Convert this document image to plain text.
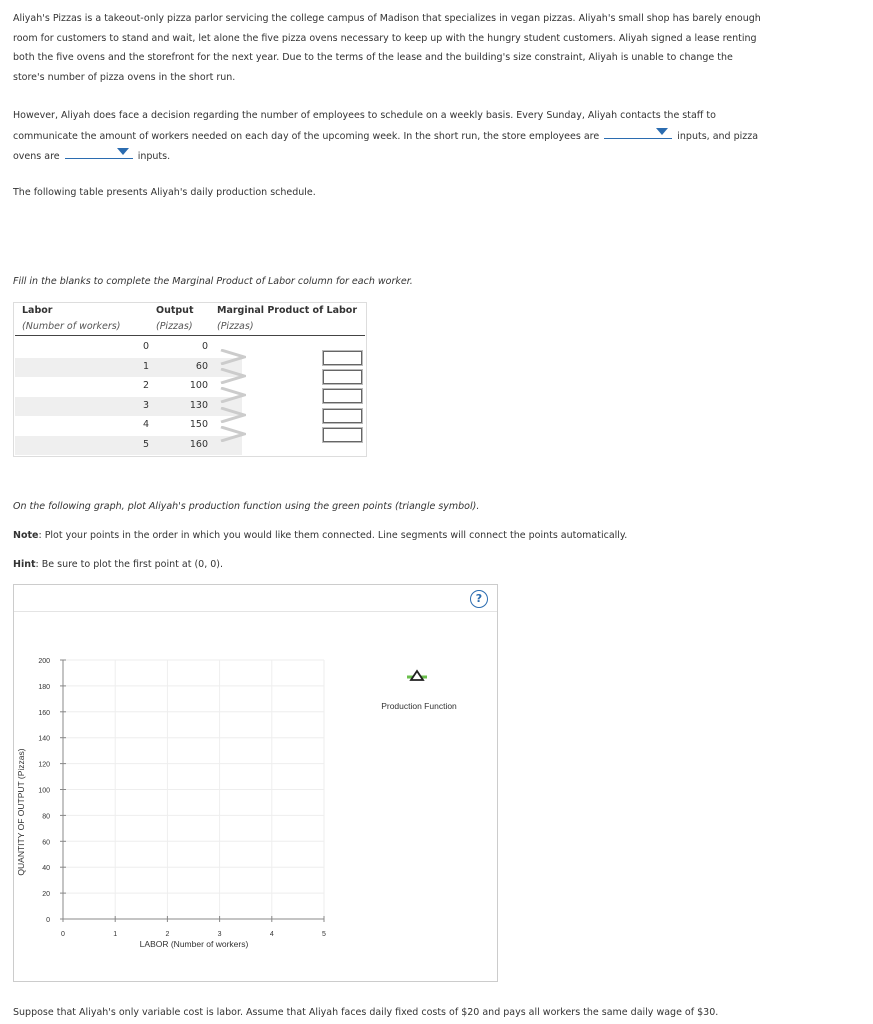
Aliyah's Pizzas is a takeout-only pizza parlor servicing the college campus of Madison that specializes in vegan pizzas. Aliyah's small shop has barely enough room for customers to stand and wait, let alone the five pizza ovens necessary to keep up with the hungry student customers. Aliyah signed a lease renting both the five ovens and the storefront for the next year. Due to the terms of the lease and the building's size constraint, Aliyah is unable to change the store's number of pizza ovens in the short run.

However, Aliyah does face a decision regarding the number of employees to schedule on a weekly basis. Every Sunday, Aliyah contacts the staff to communicate the amount of workers needed on each day of the upcoming week. In the short run, the store employees are	inputs, and pizza ovens are	inputs.

The following table presents Aliyah's daily production schedule.

Fill in the blanks to complete the Marginal Product of Labor column for each worker.

Labor
(Number of workers)
Output
(Pizzas)
Marginal Product of Labor
(Pizzas)
0	0
1	60
2	100
3	130
4	150
5	160

On the following graph, plot Aliyah's production function using the green points (triangle symbol).

Note: Plot your points in the order in which you would like them connected. Line segments will connect the points automatically.

Hint: Be sure to plot the first point at (0, 0).

?
0
20
40
60
80
100
120
140
160
180
200
0	1	2	3	4	5
QUANTITY OF OUTPUT (Pizzas)
LABOR (Number of workers)
Production Function

Suppose that Aliyah's only variable cost is labor. Assume that Aliyah faces daily fixed costs of $20 and pays all workers the same daily wage of $30.
